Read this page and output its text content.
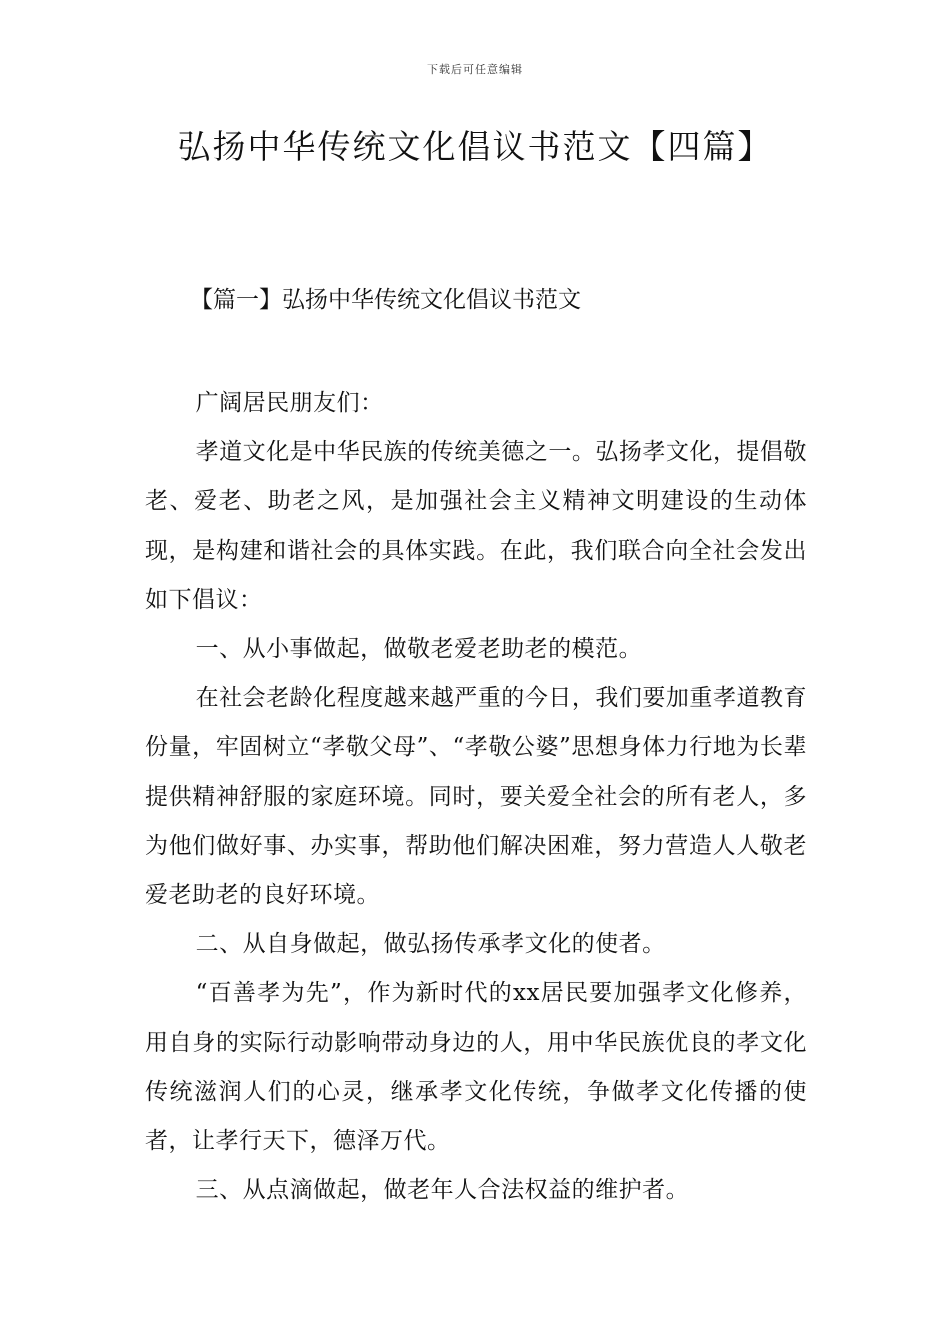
下载后可任意编辑
弘扬中华传统文化倡议书范文【四篇】
【篇一】弘扬中华传统文化倡议书范文

广阔居民朋友们：

孝道文化是中华民族的传统美德之一。弘扬孝文化，提倡敬老、爱老、助老之风，是加强社会主义精神文明建设的生动体现，是构建和谐社会的具体实践。在此，我们联合向全社会发出如下倡议：

一、从小事做起，做敬老爱老助老的模范。

在社会老龄化程度越来越严重的今日，我们要加重孝道教育份量，牢固树立“孝敬父母”、“孝敬公婆”思想身体力行地为长辈提供精神舒服的家庭环境。同时，要关爱全社会的所有老人，多为他们做好事、办实事，帮助他们解决困难，努力营造人人敬老爱老助老的良好环境。

二、从自身做起，做弘扬传承孝文化的使者。

“百善孝为先”，作为新时代的xx居民要加强孝文化修养，用自身的实际行动影响带动身边的人，用中华民族优良的孝文化传统滋润人们的心灵，继承孝文化传统，争做孝文化传播的使者，让孝行天下，德泽万代。

三、从点滴做起，做老年人合法权益的维护者。
